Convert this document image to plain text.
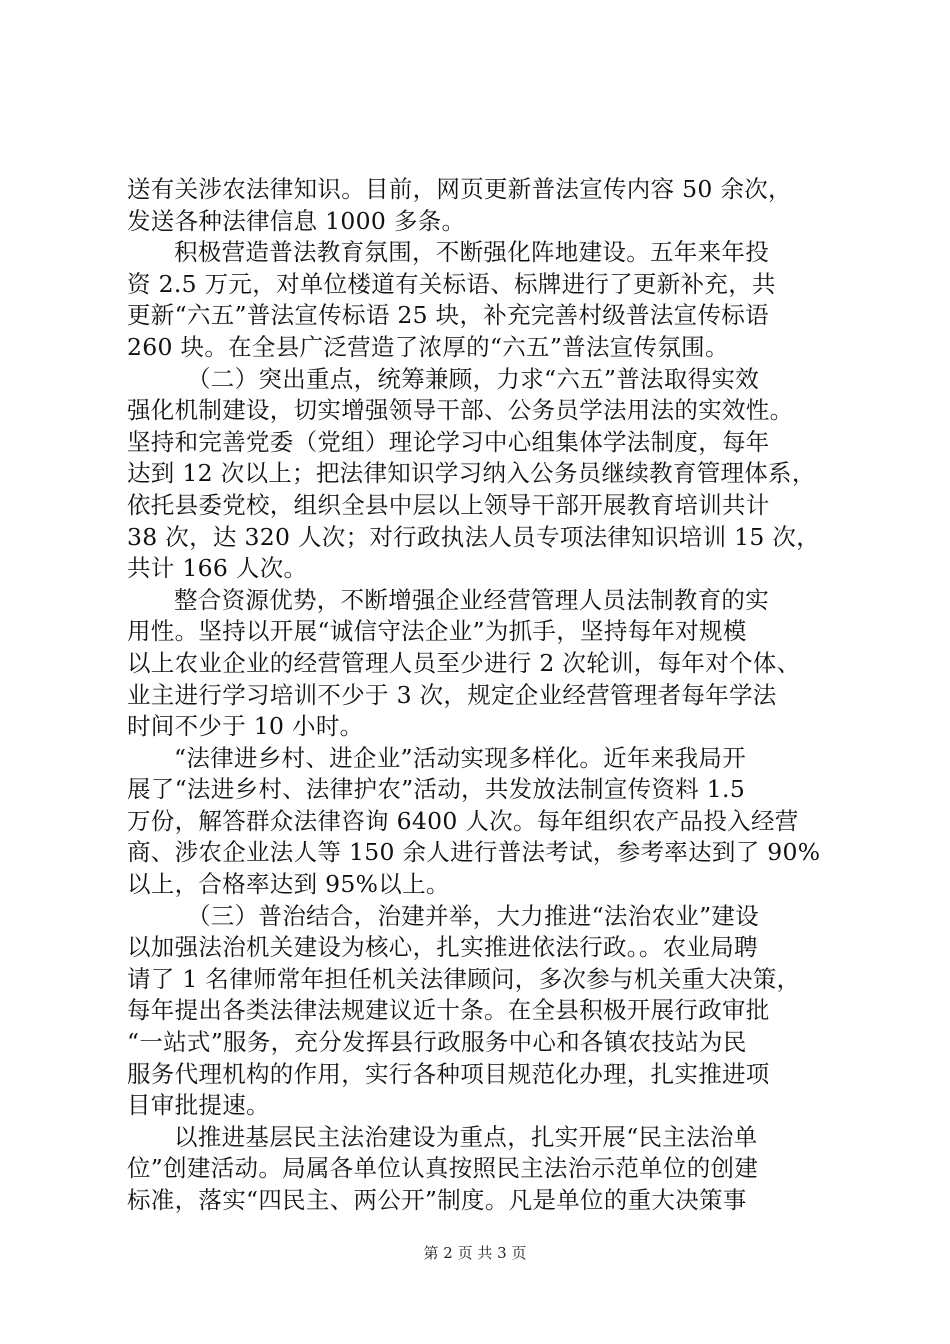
送有关涉农法律知识。目前，网页更新普法宣传内容 50 余次，
发送各种法律信息 1000 多条。
积极营造普法教育氛围，不断强化阵地建设。五年来年投
资 2.5 万元，对单位楼道有关标语、标牌进行了更新补充，共
更新“六五”普法宣传标语 25 块，补充完善村级普法宣传标语
260 块。在全县广泛营造了浓厚的“六五”普法宣传氛围。
（二）突出重点，统筹兼顾，力求“六五”普法取得实效
强化机制建设，切实增强领导干部、公务员学法用法的实效性。
坚持和完善党委（党组）理论学习中心组集体学法制度，每年
达到 12 次以上；把法律知识学习纳入公务员继续教育管理体系，
依托县委党校，组织全县中层以上领导干部开展教育培训共计
38 次，达 320 人次；对行政执法人员专项法律知识培训 15 次，
共计 166 人次。
整合资源优势，不断增强企业经营管理人员法制教育的实
用性。坚持以开展“诚信守法企业”为抓手，坚持每年对规模
以上农业企业的经营管理人员至少进行 2 次轮训，每年对个体、
业主进行学习培训不少于 3 次，规定企业经营管理者每年学法
时间不少于 10 小时。
“法律进乡村、进企业”活动实现多样化。近年来我局开
展了“法进乡村、法律护农”活动，共发放法制宣传资料 1.5
万份，解答群众法律咨询 6400 人次。每年组织农产品投入经营
商、涉农企业法人等 150 余人进行普法考试，参考率达到了 90%
以上，合格率达到 95%以上。
（三）普治结合，治建并举，大力推进“法治农业”建设
以加强法治机关建设为核心，扎实推进依法行政。。农业局聘
请了 1 名律师常年担任机关法律顾问，多次参与机关重大决策，
每年提出各类法律法规建议近十条。在全县积极开展行政审批
“一站式”服务，充分发挥县行政服务中心和各镇农技站为民
服务代理机构的作用，实行各种项目规范化办理，扎实推进项
目审批提速。
以推进基层民主法治建设为重点，扎实开展“民主法治单
位”创建活动。局属各单位认真按照民主法治示范单位的创建
标准，落实“四民主、两公开”制度。凡是单位的重大决策事
第 2 页 共 3 页
